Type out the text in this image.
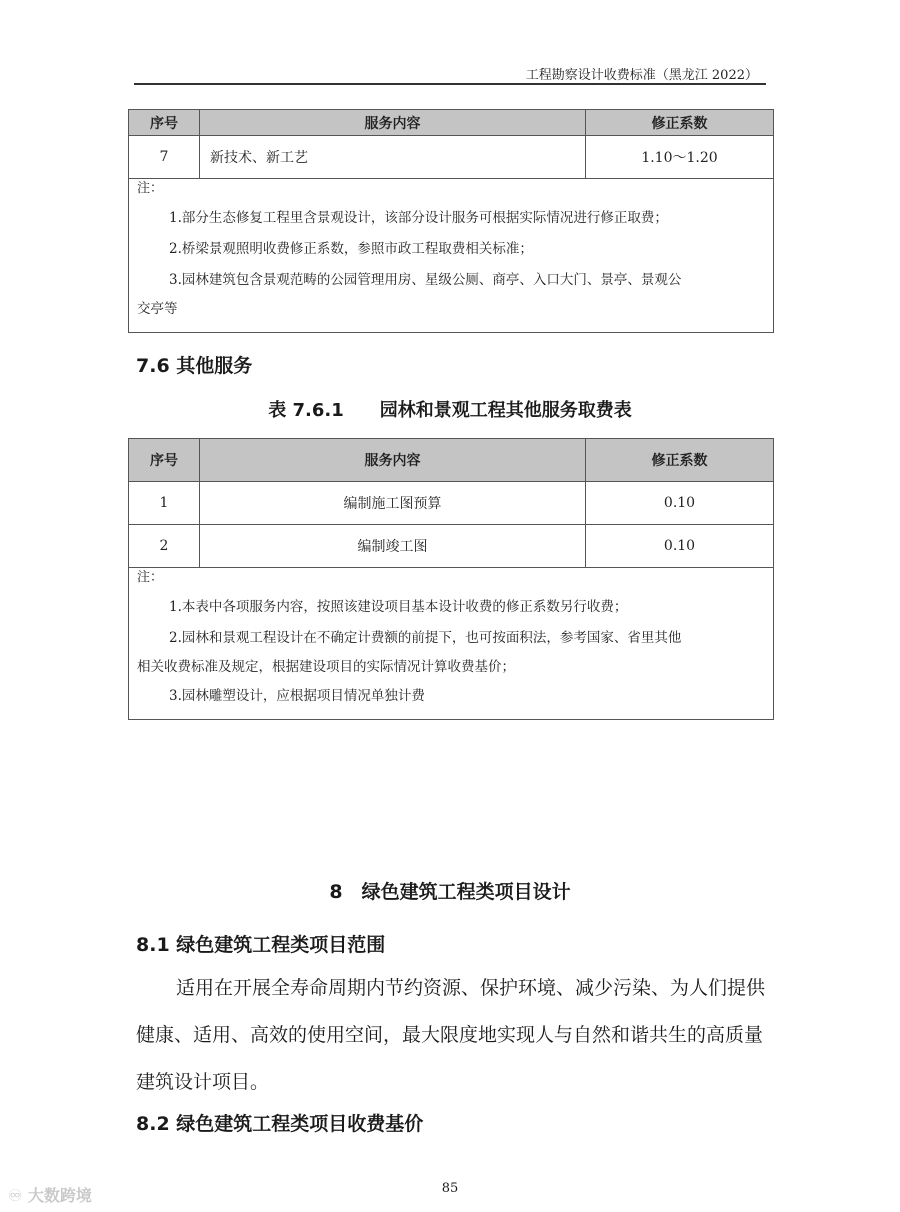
工程勘察设计收费标准（黑龙江 2022）
序号	服务内容	修正系数
7	新技术、新工艺	1.10～1.20

注：
1.部分生态修复工程里含景观设计，该部分设计服务可根据实际情况进行修正取费；
2.桥梁景观照明收费修正系数，参照市政工程取费相关标准；
3.园林建筑包含景观范畴的公园管理用房、星级公厕、商亭、入口大门、景亭、景观公
交亭等		
7.6 其他服务
表 7.6.1　　园林和景观工程其他服务取费表
序号	服务内容	修正系数
1	编制施工图预算	0.10
2	编制竣工图	0.10

注：
1.本表中各项服务内容，按照该建设项目基本设计收费的修正系数另行收费；
2.园林和景观工程设计在不确定计费额的前提下，也可按面积法，参考国家、省里其他
相关收费标准及规定，根据建设项目的实际情况计算收费基价；
3.园林雕塑设计，应根据项目情况单独计费		
8　绿色建筑工程类项目设计
8.1 绿色建筑工程类项目范围
适用在开展全寿命周期内节约资源、保护环境、减少污染、为人们提供健康、适用、高效的使用空间，最大限度地实现人与自然和谐共生的高质量建筑设计项目。
8.2 绿色建筑工程类项目收费基价
85
♾ 大数跨境
